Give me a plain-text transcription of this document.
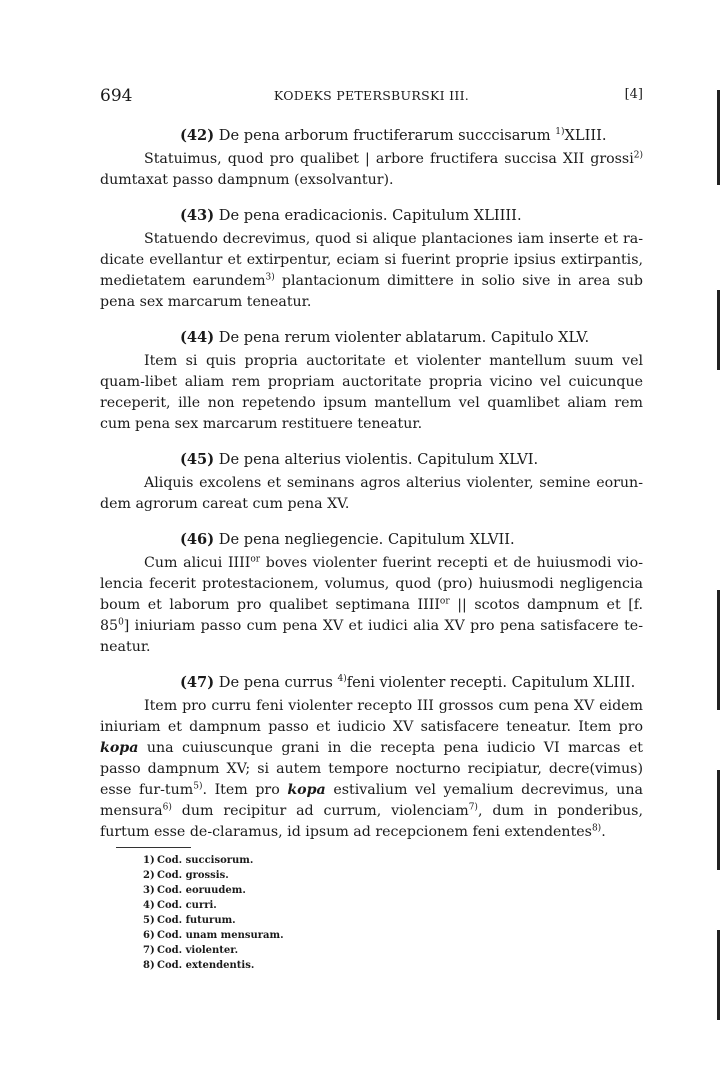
694	KODEKS PETERSBURSKI III.	[4]

(42) De pena arborum fructiferarum succcisarum $^{1)}$XLIII.

Statuimus, quod pro qualibet | arbore fructifera succisa XII grossi$^{2)}$ dumtaxat passo dampnum (exsolvantur).

(43) De pena eradicacionis. Capitulum XLIIII.

Statuendo decrevimus, quod si alique plantaciones iam inserte et ra-dicate evellantur et extirpentur, eciam si fuerint proprie ipsius extirpantis, medietatem earundem$^{3)}$ plantacionum dimittere in solio sive in area sub pena sex marcarum teneatur.

(44) De pena rerum violenter ablatarum. Capitulo XLV.

Item si quis propria auctoritate et violenter mantellum suum vel quam-libet aliam rem propriam auctoritate propria vicino vel cuicunque receperit, ille non repetendo ipsum mantellum vel quamlibet aliam rem cum pena sex marcarum restituere teneatur.

(45) De pena alterius violentis. Capitulum XLVI.

Aliquis excolens et seminans agros alterius violenter, semine eorun-dem agrorum careat cum pena XV.

(46) De pena negliegencie. Capitulum XLVII.

Cum alicui $IIII^{or}$ boves violenter fuerint recepti et de huiusmodi vio-lencia fecerit protestacionem, volumus, quod (pro) huiusmodi negligencia boum et laborum pro qualibet septimana $IIII^{or}$ || scotos dampnum et [f. $85^0$] iniuriam passo cum pena XV et iudici alia XV pro pena satisfacere te-neatur.

(47) De pena currus $^{4)}$feni violenter recepti. Capitulum XLIII.

Item pro curru feni violenter recepto III grossos cum pena XV eidem iniuriam et dampnum passo et iudicio XV satisfacere teneatur. Item pro kopa una cuiuscunque grani in die recepta pena iudicio VI marcas et passo dampnum XV; si autem tempore nocturno recipiatur, decre(vimus) esse fur-tum$^{5)}$. Item pro kopa estivalium vel yemalium decrevimus, una mensura$^{6)}$ dum recipitur ad currum, violenciam$^{7)}$, dum in ponderibus, furtum esse de-claramus, id ipsum ad recepcionem feni extendentes$^{8)}$.

1) Cod. succisorum.
2) Cod. grossis.
3) Cod. eoruudem.
4) Cod. curri.
5) Cod. futurum.
6) Cod. unam mensuram.
7) Cod. violenter.
8) Cod. extendentis.
